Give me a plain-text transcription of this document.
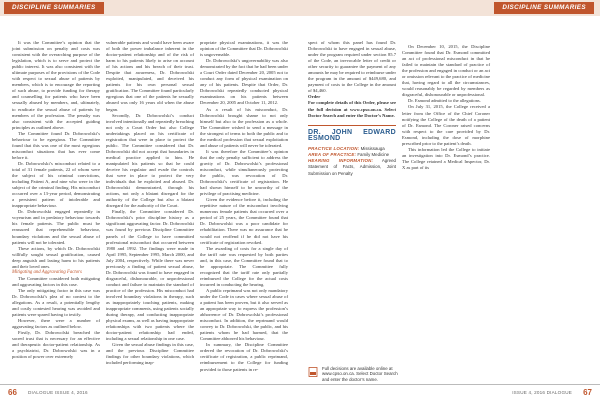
DISCIPLINE SUMMARIES

It was the Committee’s opinion that the joint submission on penalty and costs was consistent with the overarching purpose of the legislation, which is to serve and protect the public interest. It was also consistent with the ultimate purposes of the provisions of the Code with respect to sexual abuse of patients by members, which is to encourage the reporting of such abuse, to provide funding for therapy and counselling for patients who have been sexually abused by members, and, ultimately, to eradicate the sexual abuse of patients by members of the profession. The penalty was also consistent with the accepted guiding principles as outlined above.

The Committee found Dr. Dobrowolski’s behaviour to be egregious. The Committee found that this was one of the most egregious misconduct situations that has ever come before it.

Dr. Dobrowolski’s misconduct related to a total of 31 female patients, 22 of whom were the subject of his criminal convictions, including Patient A, and nine who were in the subject of the criminal finding. His misconduct occurred over a 13-year period, demonstrating a persistent pattern of intolerable and inappropriate behaviour.

Dr. Dobrowolski engaged repeatedly in voyeurism and in predatory behaviour towards his female patients. The public must be reassured that reprehensible behaviour, boundary violations and the sexual abuse of patients will not be tolerated.

These actions, by which Dr. Dobrowolski willfully sought sexual gratification, caused deep anguish and lasting harm to his patients and their loved ones.

Mitigating and Aggravating Factors

The Committee considered both mitigating and aggravating factors in this case.

The only mitigating factor in this case was Dr. Dobrowolski’s plea of no contest to the allegations. As a result, a potentially lengthy and costly contested hearing was avoided and patients were spared having to testify.

However, there were a number of aggravating factors as outlined below.

Firstly, Dr. Dobrowolski breached the sacred trust that is necessary for an effective and therapeutic doctor-patient relationship. As a psychiatrist, Dr. Dobrowolski was in a position of power over extremely

vulnerable patients and would have been aware of both the power imbalance inherent in the doctor-patient relationship and of the risk of harm to his patients likely to arise on account of his actions and his breach of their trust. Despite that awareness, Dr. Dobrowolski exploited, manipulated, and deceived his patients for his own personal sexual gratification. The Committee found particularly egregious that one of the patients he sexually abused was only 16 years old when the abuse began.

Secondly, Dr. Dobrowolski’s conduct involved intentionally and repeatedly breaching not only a Court Order but also College undertakings placed on his certificate of registration that were in place to protect the public. The Committee considered that Dr. Dobrowolski did not accept that boundaries in medical practice applied to him. He manipulated his patients so that he could deceive his regulator and evade the controls that were in place to protect the very individuals that he exploited and abused. Dr. Dobrowolski demonstrated, through his actions, not only a blatant disregard for the authority of the College but also a blatant disregard for the authority of the Court.

Finally, the Committee considered Dr. Dobrowolski’s prior discipline history as a significant aggravating factor. Dr. Dobrowolski was found by previous Discipline Committee panels of the College to have committed professional misconduct that occurred between 1980 and 1992. The findings were made in April 1995, September 1995, March 2000, and July 2004, respectively. While there was never previously a finding of patient sexual abuse, Dr. Dobrowolski was found to have engaged in disgraceful, dishonourable, or unprofessional conduct and failure to maintain the standard of practice of the profession. His misconduct had involved boundary violations in therapy, such as inappropriately touching patients, making inappropriate comments, using patients socially during therapy, and conducting inappropriate physical exams, as well as having inappropriate relationships with two patients where the doctor-patient relationship had ended, including a sexual relationship in one case.

Given the sexual abuse findings in this case, and the previous Discipline Committee findings for other boundary violations, which included performing inap-

propriate physical examinations, it was the opinion of the Committee that Dr. Dobrowolski is ungovernable.

Dr. Dobrowolski’s ungovernability was also demonstrated by the fact that he had been under a Court Order dated December 20, 2005 not to conduct any form of physical examination on any of his patients. Despite that Order, Dr. Dobrowolski repeatedly conducted physical examinations on his patients between December 20, 2005 and October 11, 2012.

As a result of his misconduct, Dr. Dobrowolski brought shame to not only himself but also to the profession as a whole. The Committee wished to send a message in the strongest of terms to both the public and to the medical profession that sexual exploitation and abuse of patients will never be tolerated.

It was therefore the Committee’s opinion that the only penalty sufficient to address the gravity of Dr. Dobrowolski’s professional misconduct, while simultaneously protecting the public, was revocation of Dr. Dobrowolski’s certificate of registration. He had shown himself to be unworthy of the privilege of practising medicine.

Given the evidence before it, including the repetitive nature of the misconduct involving numerous female patients that occurred over a period of 25 years, the Committee found that Dr. Dobrowolski was a poor candidate for rehabilitation. There was no assurance that he would not reoffend if he did not have his certificate of registration revoked.

The awarding of costs for a single day of the tariff rate was requested by both parties and, in this case, the Committee found that to be appropriate. The Committee fully recognized that the tariff rate only partially reimbursed the College for the actual costs incurred in conducting the hearing.

A public reprimand was not only mandatory under the Code in cases where sexual abuse of a patient has been proven, but it also served as an appropriate way to express the profession’s abhorrence of Dr. Dobrowolski’s professional misconduct. In addition, the reprimand would convey to Dr. Dobrowolski, the public, and his patients whom he had harmed, that the Committee abhorred his behaviour.

In summary, the Discipline Committee ordered the revocation of Dr. Dobrowolski’s certificate of registration, a public reprimand, reimbursement to the College for funding provided to those patients in re-

66 DIALOGUE ISSUE 4, 2016
DISCIPLINE SUMMARIES

spect of whom this panel has found Dr. Dobrowolski to have engaged in sexual abuse, under the program required under section 85.7 of the Code, an irrevocable letter of credit or other security to guarantee the payment of any amounts he may be required to reimburse under the program in the amount of $449,680, and payment of costs to the College in the amount of $4,460.

Order

For complete details of this Order, please see the full decision at www.cpso.on.ca. Select Doctor Search and enter the Doctor’s Name.

DR. JOHN EDWARD ESMOND
PRACTICE LOCATION: Mississauga
AREA OF PRACTICE: Family Medicine
HEARING INFORMATION: Agreed Statement of Facts, Admission, Joint Submission on Penalty

On December 10, 2015, the Discipline Committee found that Dr. Esmond committed an act of professional misconduct in that he failed to maintain the standard of practice of the profession and engaged in conduct or an act or omission relevant to the practice of medicine that, having regard to all the circumstances, would reasonably be regarded by members as disgraceful, dishonourable or unprofessional.

Dr. Esmond admitted to the allegations.

On July 31, 2015, the College received a letter from the Office of the Chief Coroner notifying the College of the death of a patient of Dr. Esmond. The Coroner raised concerns with respect to the care provided by Dr. Esmond, including the dose of morphine prescribed prior to the patient’s death.

This information led the College to initiate an investigation into Dr. Esmond’s practice. The College retained a Medical Inspector, Dr. X as part of its

Full decisions are available online at www.cpso.on.ca. Select Doctor Search and enter the doctor’s name.
ISSUE 4, 2016 DIALOGUE 67
